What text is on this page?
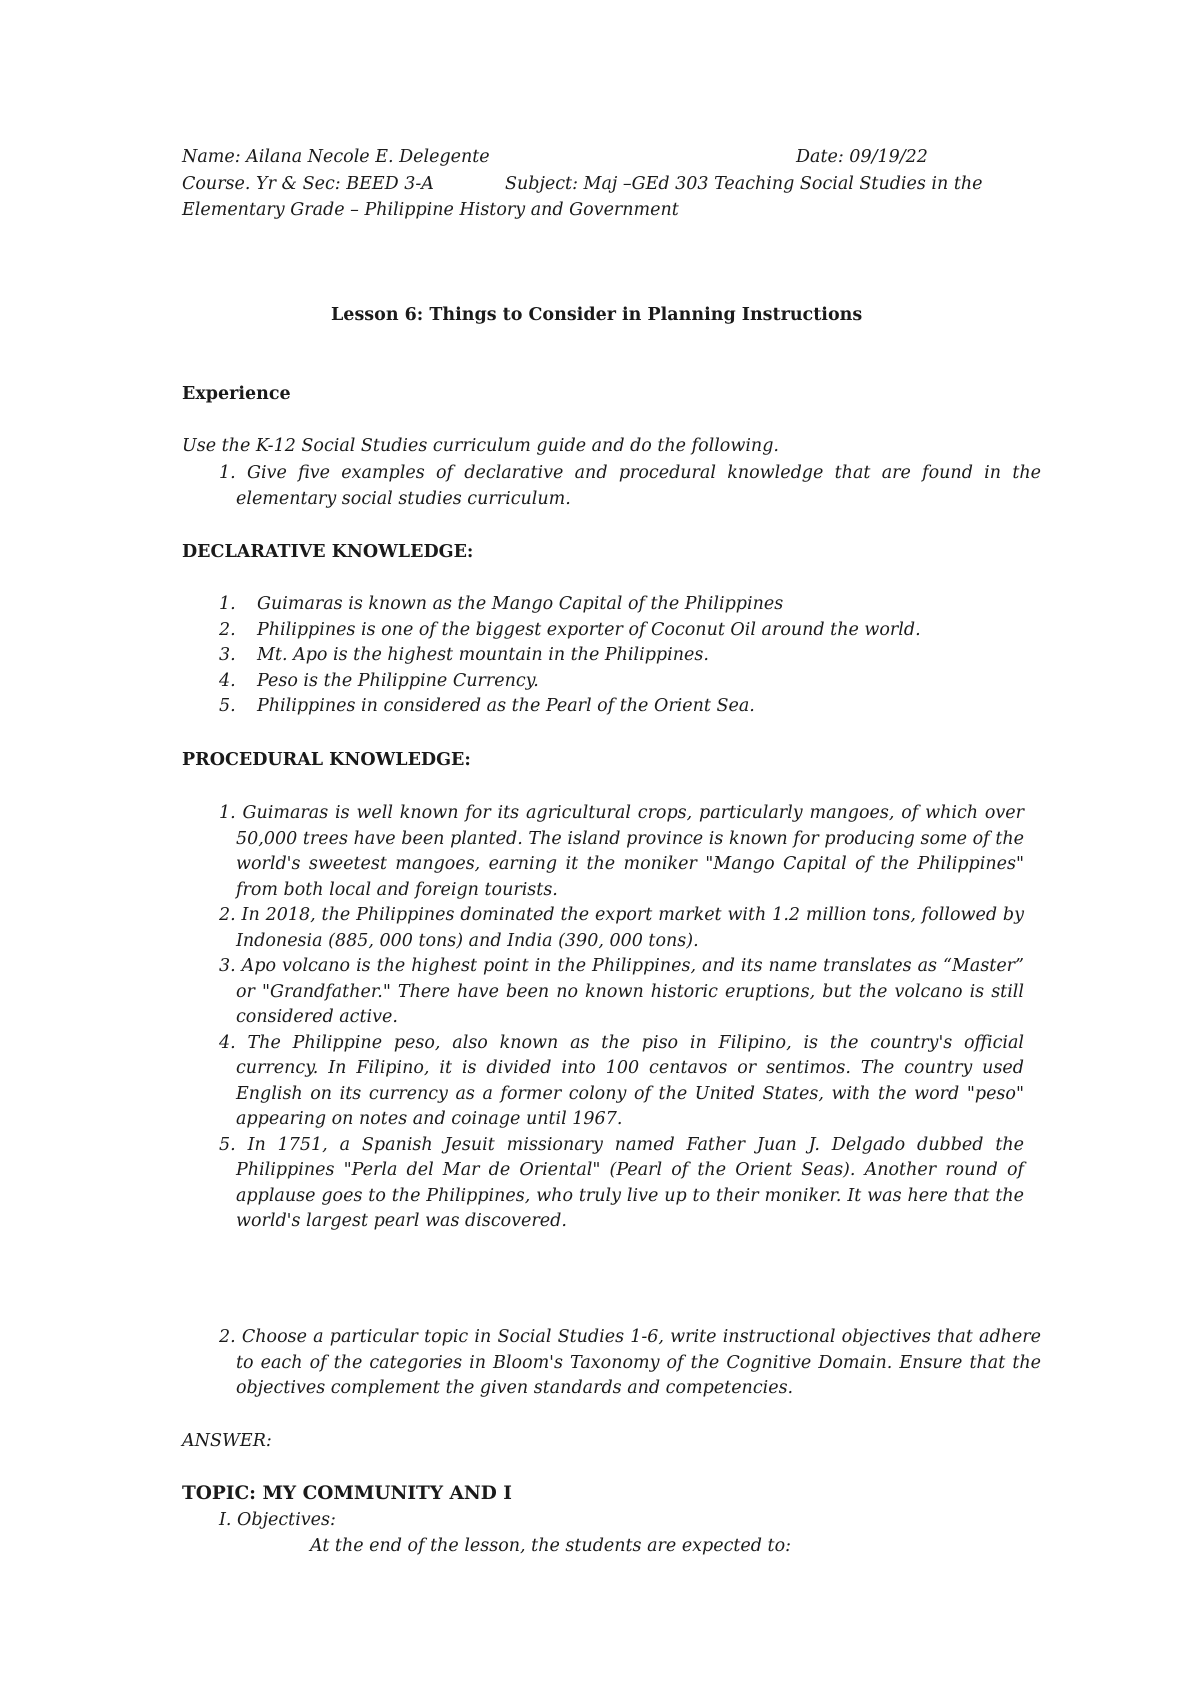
Name: Ailana Necole E. Delegente	Date: 09/19/22
Course. Yr & Sec: BEED 3-A	Subject: Maj –GEd 303 Teaching Social Studies in the
Elementary Grade – Philippine History and Government
Lesson 6: Things to Consider in Planning Instructions
Experience
Use the K-12 Social Studies curriculum guide and do the following.
1. Give five examples of declarative and procedural knowledge that are found in the elementary social studies curriculum.
DECLARATIVE KNOWLEDGE:
1. Guimaras is known as the Mango Capital of the Philippines
2. Philippines is one of the biggest exporter of Coconut Oil around the world.
3. Mt. Apo is the highest mountain in the Philippines.
4. Peso is the Philippine Currency.
5. Philippines in considered as the Pearl of the Orient Sea.
PROCEDURAL KNOWLEDGE:
1. Guimaras is well known for its agricultural crops, particularly mangoes, of which over 50,000 trees have been planted. The island province is known for producing some of the world's sweetest mangoes, earning it the moniker "Mango Capital of the Philippines" from both local and foreign tourists.
2. In 2018, the Philippines dominated the export market with 1.2 million tons, followed by Indonesia (885, 000 tons) and India (390, 000 tons).
3. Apo volcano is the highest point in the Philippines, and its name translates as “Master” or "Grandfather." There have been no known historic eruptions, but the volcano is still considered active.
4. The Philippine peso, also known as the piso in Filipino, is the country's official currency. In Filipino, it is divided into 100 centavos or sentimos. The country used English on its currency as a former colony of the United States, with the word "peso" appearing on notes and coinage until 1967.
5. In 1751, a Spanish Jesuit missionary named Father Juan J. Delgado dubbed the Philippines "Perla del Mar de Oriental" (Pearl of the Orient Seas). Another round of applause goes to the Philippines, who truly live up to their moniker. It was here that the world's largest pearl was discovered.
2. Choose a particular topic in Social Studies 1-6, write instructional objectives that adhere to each of the categories in Bloom's Taxonomy of the Cognitive Domain. Ensure that the objectives complement the given standards and competencies.
ANSWER:
TOPIC: MY COMMUNITY AND I
I. Objectives:
At the end of the lesson, the students are expected to:
